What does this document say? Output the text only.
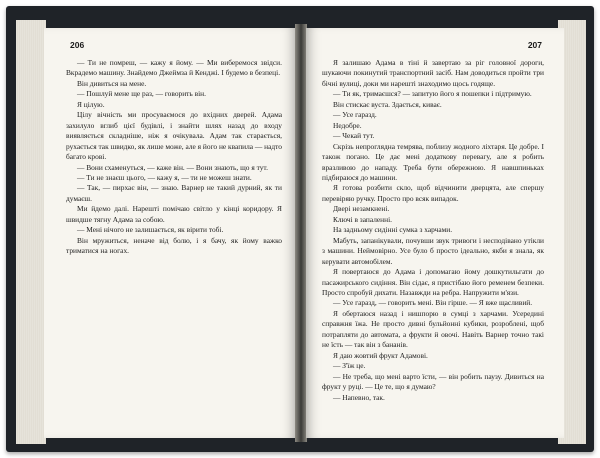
206

— Ти не помреш, — кажу я йому. — Ми виберемося звідси. Вкрадемо машину. Знайдемо Джеймза й Кенджі. І будемо в безпеці.

Він дивиться на мене.

— Пошлуй мене ще раз, — говорить він.

Я цілую.

Цілу вічність ми просуваємося до вхідних дверей. Адама захилуло вглиб цієї будівлі, і знайти шлях назад до входу виявляється складніше, ніж я очікувала. Адам так старається, рухається так швидко, як лише може, але я його не квапила — надто багато крові.

— Вони схаменуться, — каже він. — Вони знають, що я тут.

— Ти не знаєш цього, — кажу я, — ти не можеш знати.

— Так, — пирхає він, — знаю. Варнер не такий дурний, як ти думаєш.

Ми йдемо далі. Нарешті помічаю світло у кінці коридору. Я швидше тягну Адама за собою.

— Мені нічого не залишається, як вірити тобі.

Він мружиться, неначе від болю, і я бачу, як йому важко триматися на ногах.

207

Я залишаю Адама в тіні й завертаю за ріг головної дороги, шукаючи покинутий транспортний засіб. Нам доводиться пройти три бічні вулиці, доки ми нарешті знаходимо щось годяще.

— Ти як, тримаєшся? — запитую його я пошепки і підтримую.

Він стискає вуста. Здається, киває.

— Усе гаразд.

Недобре.

— Чекай тут.

Скрізь непроглядна темрява, поблизу жодного ліхтаря. Це добре. І також погано. Це дає мені додаткову перевагу, але я робить вразливою до нападу. Треба бути обережною. Я навшпиньках підбираюся до машини.

Я готова розбити скло, щоб відчинити дверцята, але спершу перевіряю ручку. Просто про всяк випадок.

Двері незамкнені.

Ключі в запаленні.

На задньому сидінні сумка з харчами.

Мабуть, запанікували, почувши звук тривоги і несподівано утікли з машини. Неймовірно. Усе було б просто ідеально, якби я знала, як керувати автомобілем.

Я повертаюся до Адама і допомагаю йому дошкутильгати до пасажирського сидіння. Він сідає, я пристібаю його ременем безпеки. Просто спробуй дихати. Назавжди на ребра. Напружити м'язи.

— Усе гаразд, — говорить мені. Він гірше. — Я вже щасливий.

Я обертаюся назад і нишпорю в сумці з харчами. Усередині справжня їжа. Не просто дивні бульйонні кубики, розроблені, щоб потрапляти до автомата, а фрукти й овочі. Навіть Варнер точно такі не їсть — так він з бананів.

Я даю жовтий фрукт Адамові.

— З'їж це.

— Не треба, що мені варто їсти, — він робить паузу. Дивиться на фрукт у руці. — Це те, що я думаю?

— Напевно, так.
